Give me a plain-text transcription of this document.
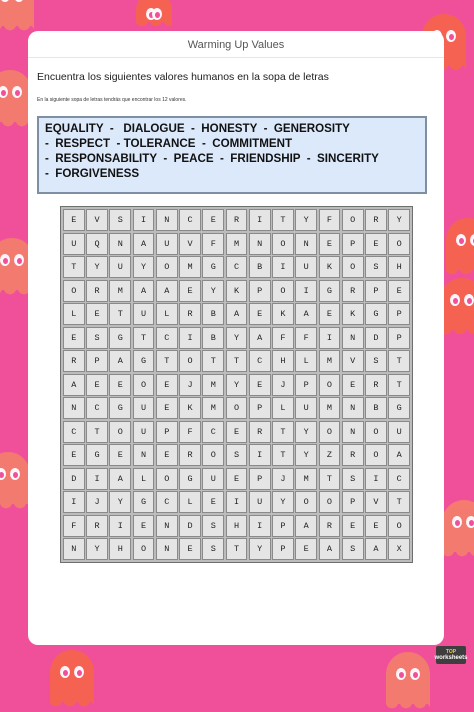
Warming Up Values
Encuentra los siguientes valores humanos en la sopa de letras
En la siguiente sopa de letras tendrás que encontrar los 12 valores.
EQUALITY  -   DIALOGUE  -  HONESTY  -  GENEROSITY
-  RESPECT  - TOLERANCE  -  COMMITMENT
-  RESPONSABILITY  -  PEACE  -  FRIENDSHIP  -  SINCERITY
-  FORGIVENESS
E	V	S	I	N	C	E	R	I	T	Y	F	O	R	Y
U	Q	N	A	U	V	F	M	N	O	N	E	P	E	O
T	Y	U	Y	O	M	G	C	B	I	U	K	O	S	H
O	R	M	A	A	E	Y	K	P	O	I	G	R	P	E
L	E	T	U	L	R	B	A	E	K	A	E	K	G	P
E	S	G	T	C	I	B	Y	A	F	F	I	N	D	P
R	P	A	G	T	O	T	T	C	H	L	M	V	S	T
A	E	E	O	E	J	M	Y	E	J	P	O	E	R	T
N	C	G	U	E	K	M	O	P	L	U	M	N	B	G
C	T	O	U	P	F	C	E	R	T	Y	O	N	O	U
E	G	E	N	E	R	O	S	I	T	Y	Z	R	O	A
D	I	A	L	O	G	U	E	P	J	M	T	S	I	C
I	J	Y	G	C	L	E	I	U	Y	O	O	P	V	T
F	R	I	E	N	D	S	H	I	P	A	R	E	E	O
N	Y	H	O	N	E	S	T	Y	P	E	A	S	A	X
TOP
worksheets
